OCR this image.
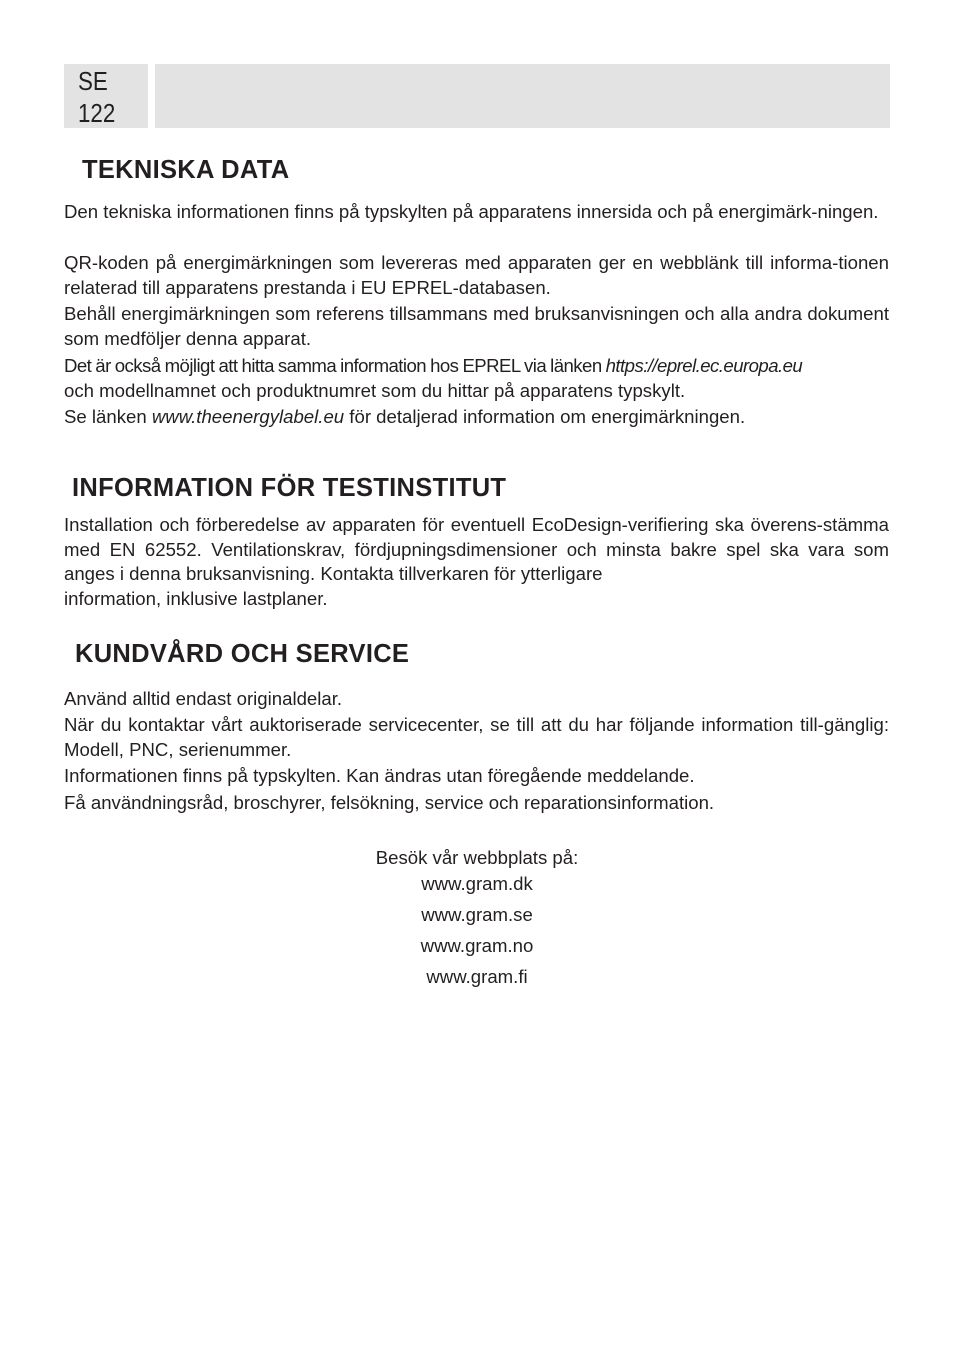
SE
122
TEKNISKA DATA

Den tekniska informationen finns på typskylten på apparatens innersida och på energimärk-ningen.

QR-koden på energimärkningen som levereras med apparaten ger en webblänk till informa-tionen relaterad till apparatens prestanda i EU EPREL-databasen.

Behåll energimärkningen som referens tillsammans med bruksanvisningen och alla andra dokument som medföljer denna apparat.

Det är också möjligt att hitta samma information hos EPREL via länken https://eprel.ec.europa.eu
och modellnamnet och produktnumret som du hittar på apparatens typskylt.

Se länken www.theenergylabel.eu för detaljerad information om energimärkningen.

INFORMATION FÖR TESTINSTITUT

Installation och förberedelse av apparaten för eventuell EcoDesign-verifiering ska överens-stämma med EN 62552. Ventilationskrav, fördjupningsdimensioner och minsta bakre spel ska vara som anges i denna bruksanvisning. Kontakta tillverkaren för ytterligare

information, inklusive lastplaner.

KUNDVÅRD OCH SERVICE

Använd alltid endast originaldelar.

När du kontaktar vårt auktoriserade servicecenter, se till att du har följande information till-gänglig: Modell, PNC, serienummer.

Informationen finns på typskylten. Kan ändras utan föregående meddelande.

Få användningsråd, broschyrer, felsökning, service och reparationsinformation.

Besök vår webbplats på:
www.gram.dk
www.gram.se
www.gram.no
www.gram.fi
